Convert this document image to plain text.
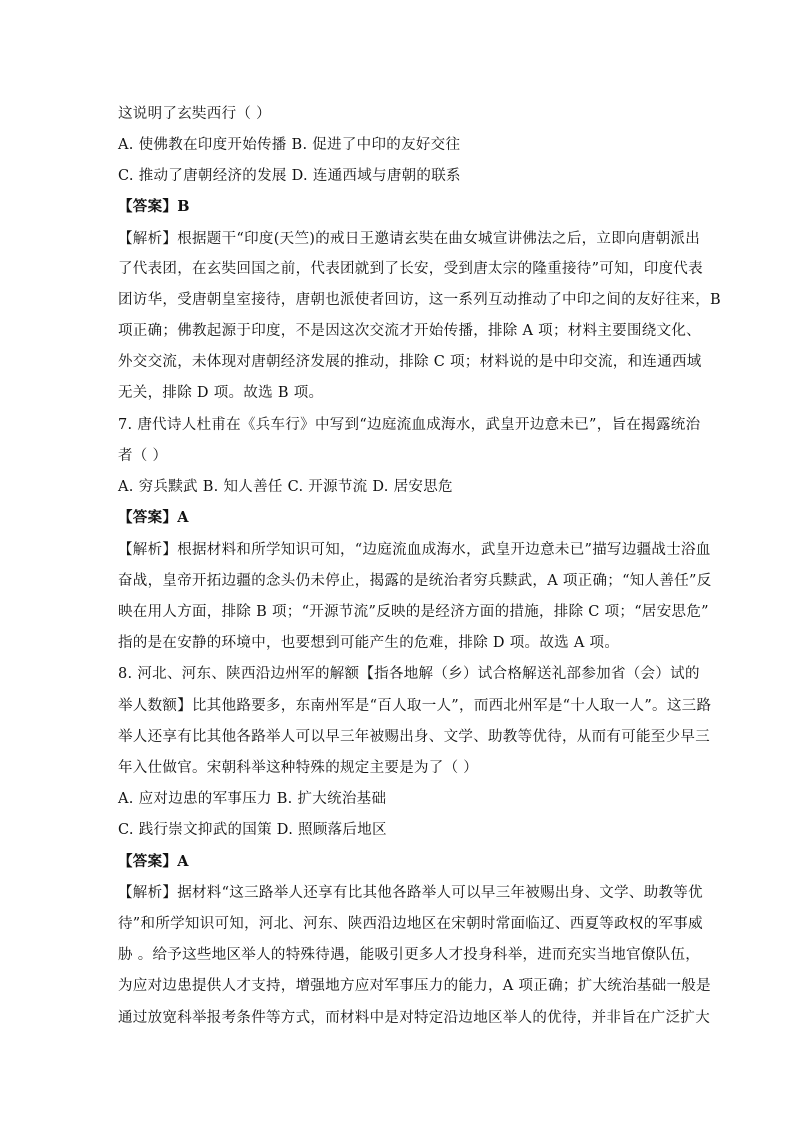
这说明了玄奘西行（ ）
A. 使佛教在印度开始传播 B. 促进了中印的友好交往
C. 推动了唐朝经济的发展 D. 连通西域与唐朝的联系
【答案】B
【解析】根据题干“印度(天竺)的戒日王邀请玄奘在曲女城宣讲佛法之后，立即向唐朝派出
了代表团，在玄奘回国之前，代表团就到了长安，受到唐太宗的隆重接待”可知，印度代表
团访华，受唐朝皇室接待，唐朝也派使者回访，这一系列互动推动了中印之间的友好往来，B
项正确；佛教起源于印度，不是因这次交流才开始传播，排除 A 项；材料主要围绕文化、
外交交流，未体现对唐朝经济发展的推动，排除 C 项；材料说的是中印交流，和连通西域
无关，排除 D 项。故选 B 项。
7. 唐代诗人杜甫在《兵车行》中写到“边庭流血成海水，武皇开边意未已”，旨在揭露统治
者（ ）
A. 穷兵黩武 B. 知人善任 C. 开源节流 D. 居安思危
【答案】A
【解析】根据材料和所学知识可知，“边庭流血成海水，武皇开边意未已”描写边疆战士浴血
奋战，皇帝开拓边疆的念头仍未停止，揭露的是统治者穷兵黩武，A 项正确；“知人善任”反
映在用人方面，排除 B 项；“开源节流”反映的是经济方面的措施，排除 C 项；“居安思危”
指的是在安静的环境中，也要想到可能产生的危难，排除 D 项。故选 A 项。
8. 河北、河东、陕西沿边州军的解额【指各地解（乡）试合格解送礼部参加省（会）试的
举人数额】比其他路要多，东南州军是“百人取一人”，而西北州军是“十人取一人”。这三路
举人还享有比其他各路举人可以早三年被赐出身、文学、助教等优待，从而有可能至少早三
年入仕做官。宋朝科举这种特殊的规定主要是为了（ ）
A. 应对边患的军事压力 B. 扩大统治基础
C. 践行崇文抑武的国策 D. 照顾落后地区
【答案】A
【解析】据材料“这三路举人还享有比其他各路举人可以早三年被赐出身、文学、助教等优
待”和所学知识可知，河北、河东、陕西沿边地区在宋朝时常面临辽、西夏等政权的军事威
胁 。给予这些地区举人的特殊待遇，能吸引更多人才投身科举，进而充实当地官僚队伍，
为应对边患提供人才支持，增强地方应对军事压力的能力，A 项正确；扩大统治基础一般是
通过放宽科举报考条件等方式，而材料中是对特定沿边地区举人的优待，并非旨在广泛扩大
